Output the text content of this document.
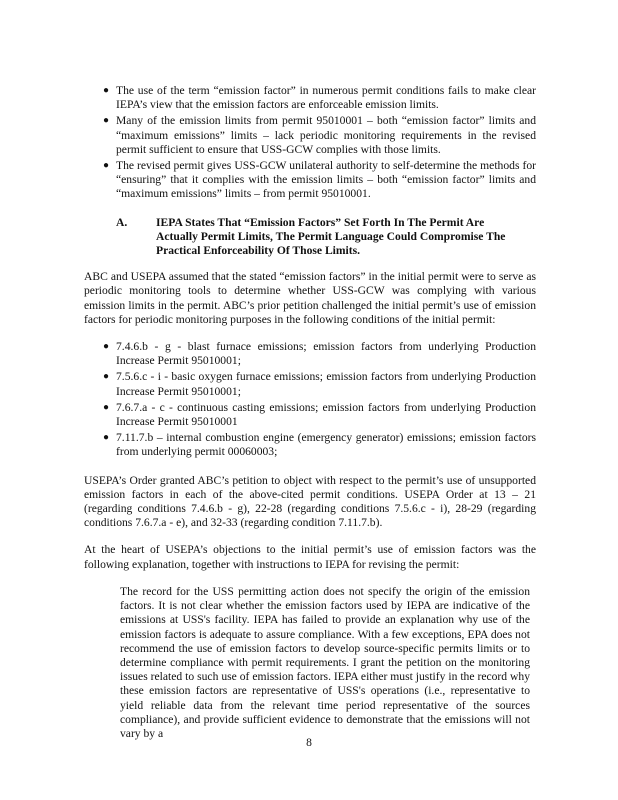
● The use of the term “emission factor” in numerous permit conditions fails to make clear IEPA’s view that the emission factors are enforceable emission limits.
● Many of the emission limits from permit 95010001 – both “emission factor” limits and “maximum emissions” limits – lack periodic monitoring requirements in the revised permit sufficient to ensure that USS-GCW complies with those limits.
● The revised permit gives USS-GCW unilateral authority to self-determine the methods for “ensuring” that it complies with the emission limits – both “emission factor” limits and “maximum emissions” limits – from permit 95010001.
A.	IEPA States That “Emission Factors” Set Forth In The Permit Are Actually Permit Limits, The Permit Language Could Compromise The Practical Enforceability Of Those Limits.

ABC and USEPA assumed that the stated “emission factors” in the initial permit were to serve as periodic monitoring tools to determine whether USS-GCW was complying with various emission limits in the permit. ABC’s prior petition challenged the initial permit’s use of emission factors for periodic monitoring purposes in the following conditions of the initial permit:

● 7.4.6.b - g - blast furnace emissions; emission factors from underlying Production Increase Permit 95010001;
● 7.5.6.c - i - basic oxygen furnace emissions; emission factors from underlying Production Increase Permit 95010001;
● 7.6.7.a - c - continuous casting emissions; emission factors from underlying Production Increase Permit 95010001
● 7.11.7.b – internal combustion engine (emergency generator) emissions; emission factors from underlying permit 00060003;

USEPA’s Order granted ABC’s petition to object with respect to the permit’s use of unsupported emission factors in each of the above-cited permit conditions. USEPA Order at 13 – 21 (regarding conditions 7.4.6.b - g), 22-28 (regarding conditions 7.5.6.c - i), 28-29 (regarding conditions 7.6.7.a - e), and 32-33 (regarding condition 7.11.7.b).

At the heart of USEPA’s objections to the initial permit’s use of emission factors was the following explanation, together with instructions to IEPA for revising the permit:

The record for the USS permitting action does not specify the origin of the emission factors. It is not clear whether the emission factors used by IEPA are indicative of the emissions at USS's facility. IEPA has failed to provide an explanation why use of the emission factors is adequate to assure compliance. With a few exceptions, EPA does not recommend the use of emission factors to develop source-specific permits limits or to determine compliance with permit requirements. I grant the petition on the monitoring issues related to such use of emission factors. IEPA either must justify in the record why these emission factors are representative of USS's operations (i.e., representative to yield reliable data from the relevant time period representative of the sources compliance), and provide sufficient evidence to demonstrate that the emissions will not vary by a
8
